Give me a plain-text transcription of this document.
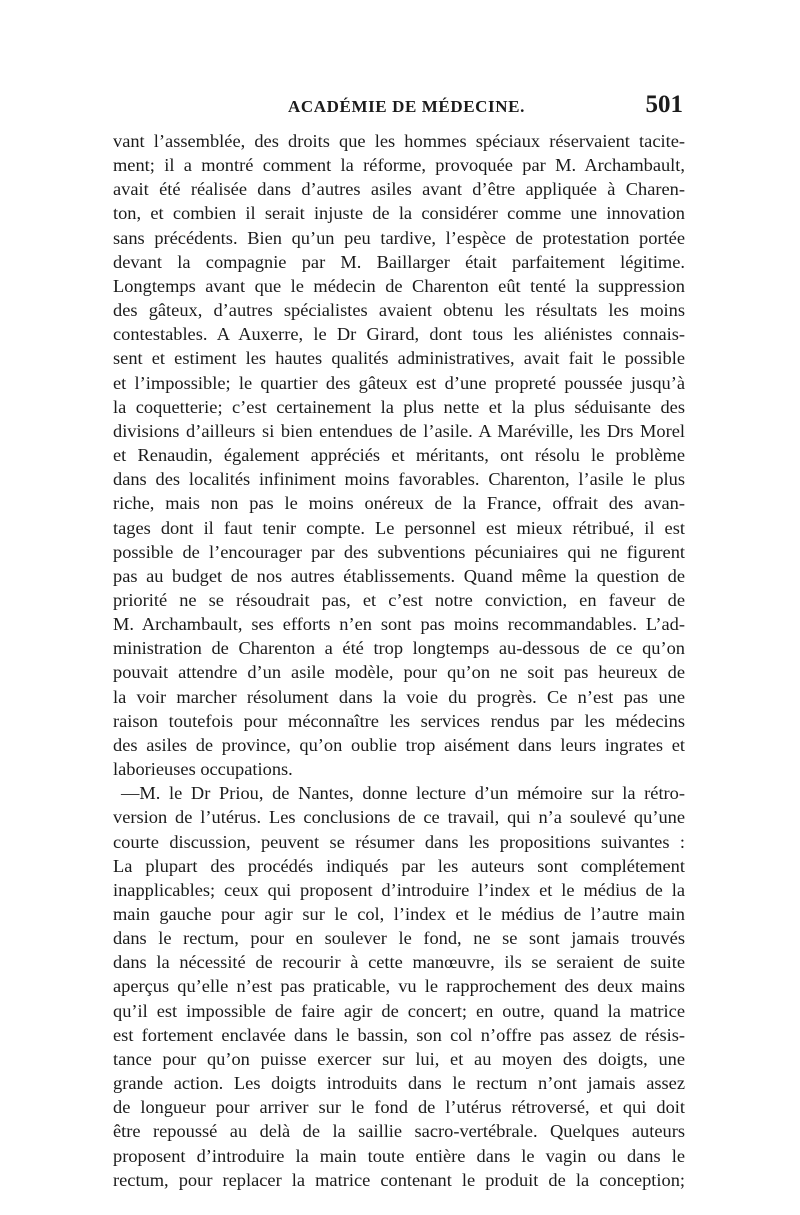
ACADÉMIE DE MÉDECINE.	501
vant l’assemblée, des droits que les hommes spéciaux réservaient tacite-
ment; il a montré comment la réforme, provoquée par M. Archambault,
avait été réalisée dans d’autres asiles avant d’être appliquée à Charen-
ton, et combien il serait injuste de la considérer comme une innovation
sans précédents. Bien qu’un peu tardive, l’espèce de protestation portée
devant la compagnie par M. Baillarger était parfaitement légitime.
Longtemps avant que le médecin de Charenton eût tenté la suppression
des gâteux, d’autres spécialistes avaient obtenu les résultats les moins
contestables. A Auxerre, le Dr Girard, dont tous les aliénistes connais-
sent et estiment les hautes qualités administratives, avait fait le possible
et l’impossible; le quartier des gâteux est d’une propreté poussée jusqu’à
la coquetterie; c’est certainement la plus nette et la plus séduisante des
divisions d’ailleurs si bien entendues de l’asile. A Maréville, les Drs Morel
et Renaudin, également appréciés et méritants, ont résolu le problème
dans des localités infiniment moins favorables. Charenton, l’asile le plus
riche, mais non pas le moins onéreux de la France, offrait des avan-
tages dont il faut tenir compte. Le personnel est mieux rétribué, il est
possible de l’encourager par des subventions pécuniaires qui ne figurent
pas au budget de nos autres établissements. Quand même la question de
priorité ne se résoudrait pas, et c’est notre conviction, en faveur de
M. Archambault, ses efforts n’en sont pas moins recommandables. L’ad-
ministration de Charenton a été trop longtemps au-dessous de ce qu’on
pouvait attendre d’un asile modèle, pour qu’on ne soit pas heureux de
la voir marcher résolument dans la voie du progrès. Ce n’est pas une
raison toutefois pour méconnaître les services rendus par les médecins
des asiles de province, qu’on oublie trop aisément dans leurs ingrates et
laborieuses occupations.
—M. le Dr Priou, de Nantes, donne lecture d’un mémoire sur la rétro-
version de l’utérus. Les conclusions de ce travail, qui n’a soulevé qu’une
courte discussion, peuvent se résumer dans les propositions suivantes :
La plupart des procédés indiqués par les auteurs sont complétement
inapplicables; ceux qui proposent d’introduire l’index et le médius de la
main gauche pour agir sur le col, l’index et le médius de l’autre main
dans le rectum, pour en soulever le fond, ne se sont jamais trouvés
dans la nécessité de recourir à cette manœuvre, ils se seraient de suite
aperçus qu’elle n’est pas praticable, vu le rapprochement des deux mains
qu’il est impossible de faire agir de concert; en outre, quand la matrice
est fortement enclavée dans le bassin, son col n’offre pas assez de résis-
tance pour qu’on puisse exercer sur lui, et au moyen des doigts, une
grande action. Les doigts introduits dans le rectum n’ont jamais assez
de longueur pour arriver sur le fond de l’utérus rétroversé, et qui doit
être repoussé au delà de la saillie sacro-vertébrale. Quelques auteurs
proposent d’introduire la main toute entière dans le vagin ou dans le
rectum, pour replacer la matrice contenant le produit de la conception;
